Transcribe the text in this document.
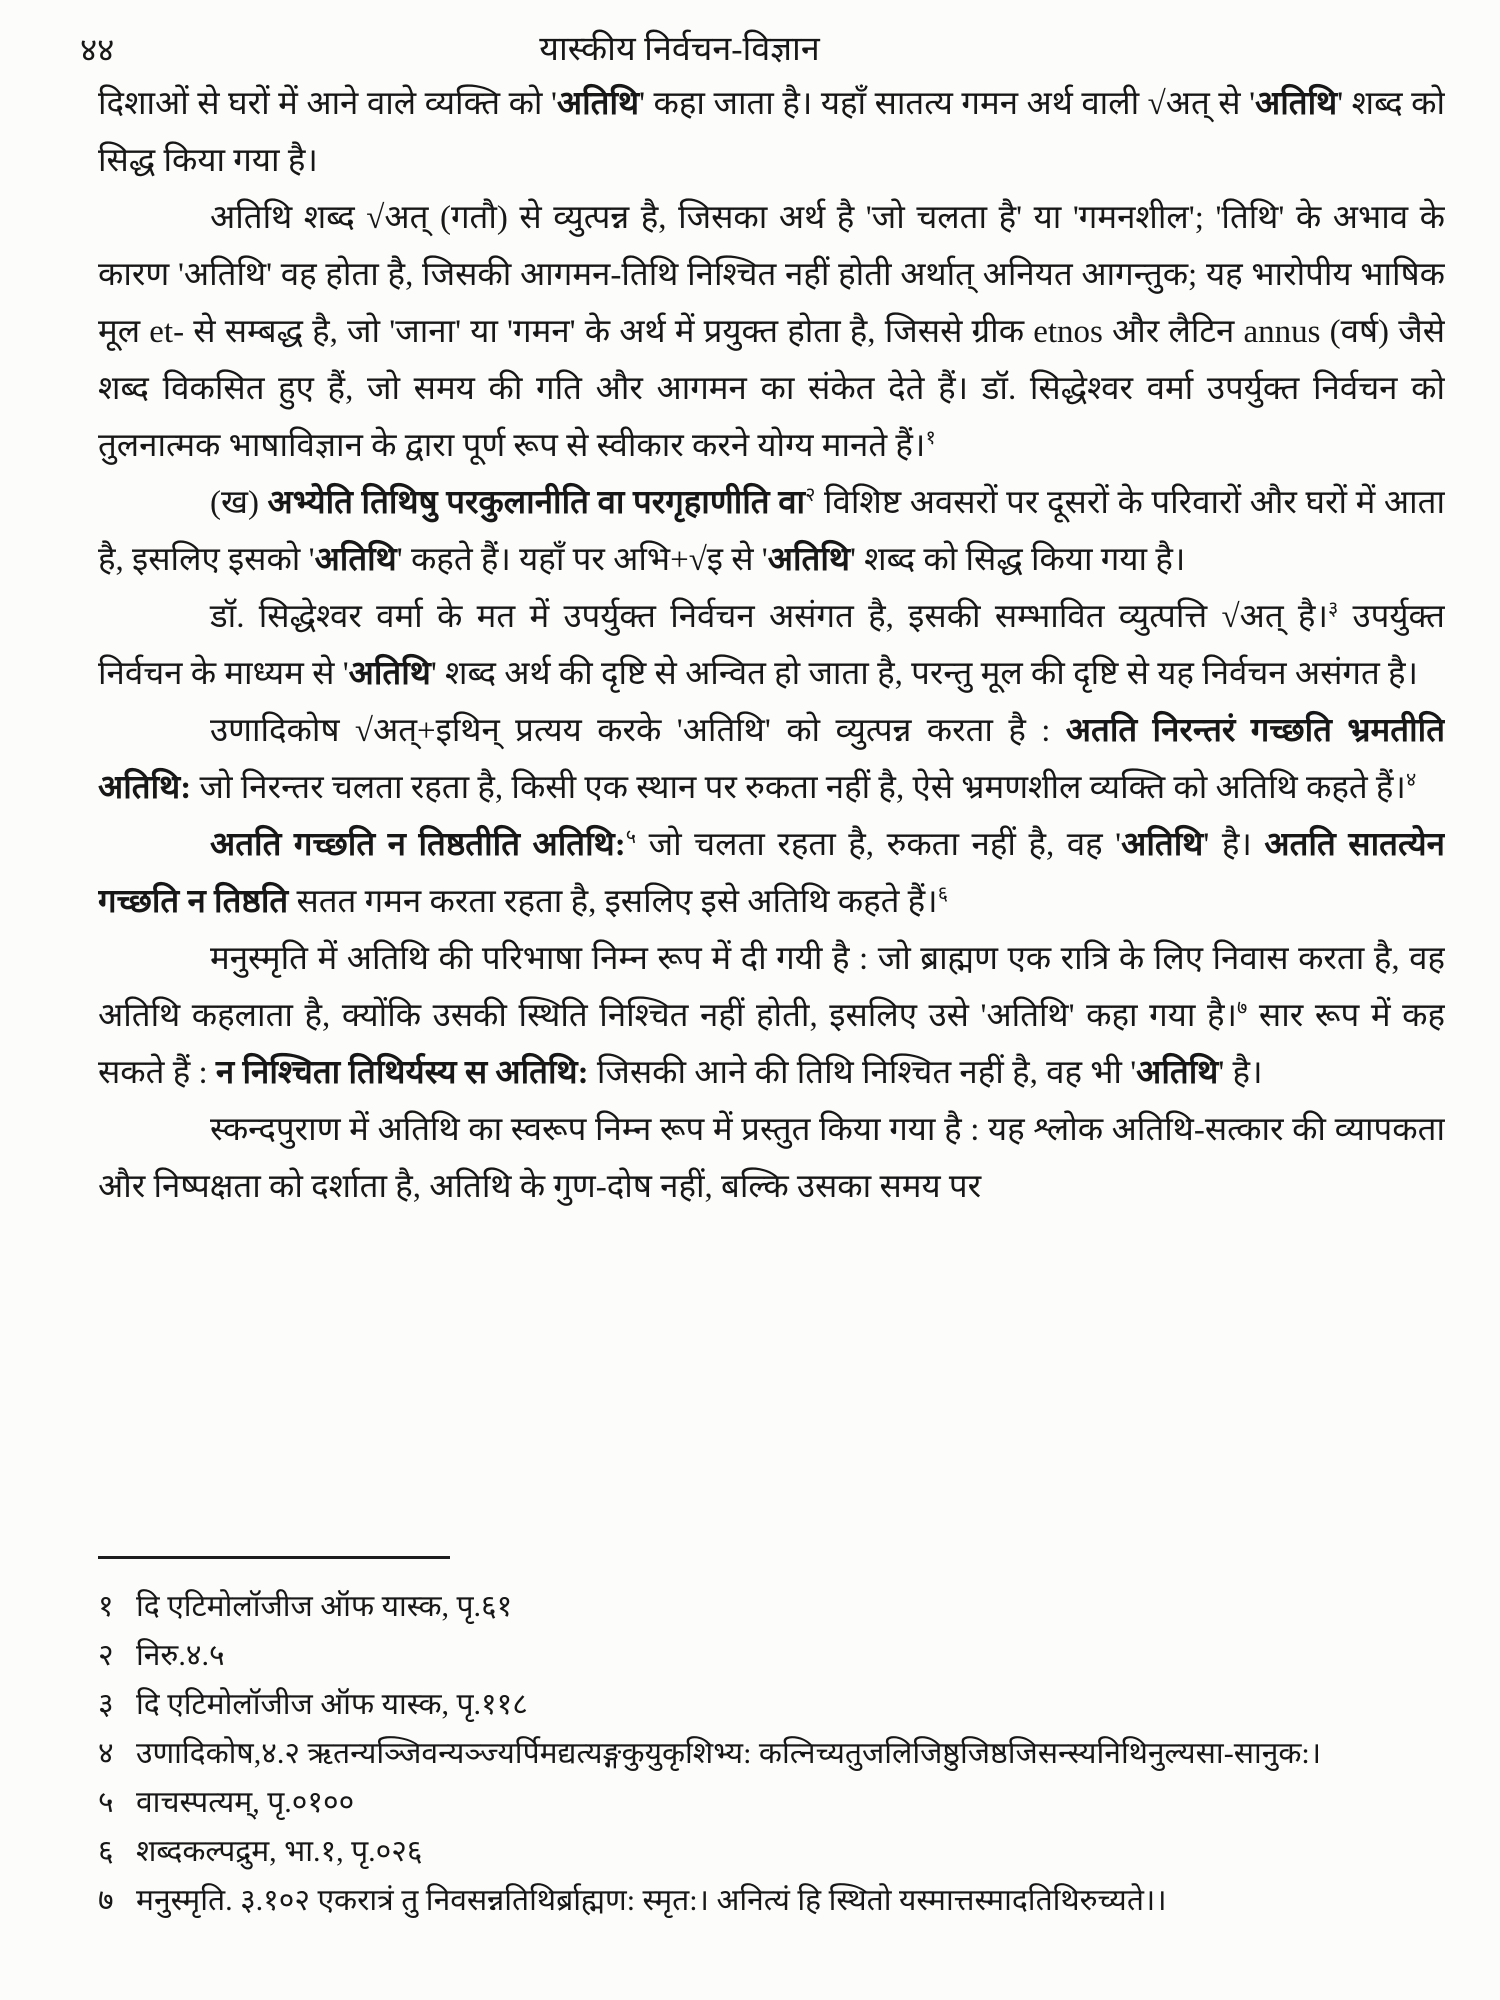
४४	यास्कीय निर्वचन-विज्ञान

दिशाओं से घरों में आने वाले व्यक्ति को 'अतिथि' कहा जाता है। यहाँ सातत्य गमन अर्थ वाली √अत् से 'अतिथि' शब्द को सिद्ध किया गया है।

अतिथि शब्द √अत् (गतौ) से व्युत्पन्न है, जिसका अर्थ है 'जो चलता है' या 'गमनशील'; 'तिथि' के अभाव के कारण 'अतिथि' वह होता है, जिसकी आगमन-तिथि निश्चित नहीं होती अर्थात् अनियत आगन्तुक; यह भारोपीय भाषिक मूल et- से सम्बद्ध है, जो 'जाना' या 'गमन' के अर्थ में प्रयुक्त होता है, जिससे ग्रीक etnos और लैटिन annus (वर्ष) जैसे शब्द विकसित हुए हैं, जो समय की गति और आगमन का संकेत देते हैं। डॉ. सिद्धेश्वर वर्मा उपर्युक्त निर्वचन को तुलनात्मक भाषाविज्ञान के द्वारा पूर्ण रूप से स्वीकार करने योग्य मानते हैं।$^१$

(ख) अभ्येति तिथिषु परकुलानीति वा परगृहाणीति वा$^२$ विशिष्ट अवसरों पर दूसरों के परिवारों और घरों में आता है, इसलिए इसको 'अतिथि' कहते हैं। यहाँ पर अभि+√इ से 'अतिथि' शब्द को सिद्ध किया गया है।

डॉ. सिद्धेश्वर वर्मा के मत में उपर्युक्त निर्वचन असंगत है, इसकी सम्भावित व्युत्पत्ति √अत् है।$^३$ उपर्युक्त निर्वचन के माध्यम से 'अतिथि' शब्द अर्थ की दृष्टि से अन्वित हो जाता है, परन्तु मूल की दृष्टि से यह निर्वचन असंगत है।

उणादिकोष √अत्+इथिन् प्रत्यय करके 'अतिथि' को व्युत्पन्न करता है : अतति निरन्तरं गच्छति भ्रमतीति अतिथि: जो निरन्तर चलता रहता है, किसी एक स्थान पर रुकता नहीं है, ऐसे भ्रमणशील व्यक्ति को अतिथि कहते हैं।$^४$

अतति गच्छति न तिष्ठतीति अतिथि:$^५$ जो चलता रहता है, रुकता नहीं है, वह 'अतिथि' है। अतति सातत्येन गच्छति न तिष्ठति सतत गमन करता रहता है, इसलिए इसे अतिथि कहते हैं।$^६$

मनुस्मृति में अतिथि की परिभाषा निम्न रूप में दी गयी है : जो ब्राह्मण एक रात्रि के लिए निवास करता है, वह अतिथि कहलाता है, क्योंकि उसकी स्थिति निश्चित नहीं होती, इसलिए उसे 'अतिथि' कहा गया है।$^७$ सार रूप में कह सकते हैं : न निश्चिता तिथिर्यस्य स अतिथि: जिसकी आने की तिथि निश्चित नहीं है, वह भी 'अतिथि' है।

स्कन्दपुराण में अतिथि का स्वरूप निम्न रूप में प्रस्तुत किया गया है : यह श्लोक अतिथि-सत्कार की व्यापकता और निष्पक्षता को दर्शाता है, अतिथि के गुण-दोष नहीं, बल्कि उसका समय पर

१ दि एटिमोलॉजीज ऑफ यास्क, पृ.६१

२ निरु.४.५

३ दि एटिमोलॉजीज ऑफ यास्क, पृ.११८

४ उणादिकोष,४.२ ऋतन्यञ्जिवन्यञ्ज्यर्पिमद्यत्यङ्गकुयुकृशिभ्य: कत्निच्यतुजलिजिष्ठुजिष्ठजिसन्स्यनिथिनुल्यसा-सानुक:।

५ वाचस्पत्यम्, पृ.०१००

६ शब्दकल्पद्रुम, भा.१, पृ.०२६

७ मनुस्मृति. ३.१०२ एकरात्रं तु निवसन्नतिथिर्ब्राह्मण: स्मृत:। अनित्यं हि स्थितो यस्मात्तस्मादतिथिरुच्यते।।
